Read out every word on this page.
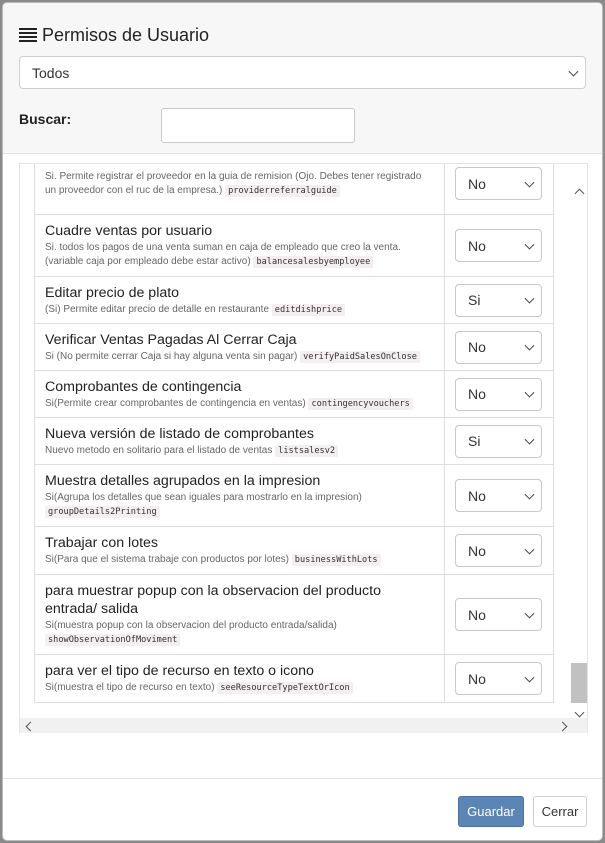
Permisos de Usuario
Todos
Buscar:
Si. Permite registrar el proveedor en la guia de remision (Ojo. Debes tener registrado un proveedor con el ruc de la empresa.) providerreferralguide	No

Cuadre ventas por usuario
Si. todos los pagos de una venta suman en caja de empleado que creo la venta. (variable caja por empleado debe estar activo) balancesalesbyemployee	No

Editar precio de plato
(Si) Permite editar precio de detalle en restaurante editdishprice	Si

Verificar Ventas Pagadas Al Cerrar Caja
Si (No permite cerrar Caja si hay alguna venta sin pagar) verifyPaidSalesOnClose	No

Comprobantes de contingencia
Si(Permite crear comprobantes de contingencia en ventas) contingencyvouchers	No

Nueva versión de listado de comprobantes
Nuevo metodo en solitario para el listado de ventas listsalesv2	Si

Muestra detalles agrupados en la impresion
Si(Agrupa los detalles que sean iguales para mostrarlo en la impresion) groupDetails2Printing	No

Trabajar con lotes
Si(Para que el sistema trabaje con productos por lotes) businessWithLots	No

para muestrar popup con la observacion del producto entrada/ salida
Si(muestra popup con la observacion del producto entrada/salida) showObservationOfMoviment	No

para ver el tipo de recurso en texto o icono
Si(muestra el tipo de recurso en texto) seeResourceTypeTextOrIcon	No
Guardar	Cerrar
